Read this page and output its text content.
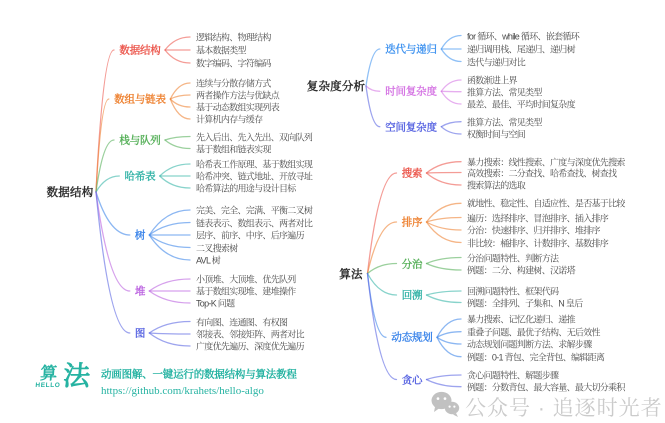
算
HELLO 法 动画图解、一键运行的数据结构与算法教程
https://github.com/krahets/hello-algo
公众号 · 追逐时光者
数据结构
数据结构
逻辑结构、物理结构
基本数据类型
数字编码、字符编码
数组与链表
连续与分散存储方式
两者操作方法与优缺点
基于动态数组实现列表
计算机内存与缓存
栈与队列	先入后出、先入先出、双向队列
基于数组和链表实现
哈希表
哈希表工作原理、基于数组实现
哈希冲突、链式地址、开放寻址
哈希算法的用途与设计目标
树
完美、完全、完满、平衡二叉树
链表表示、数组表示、两者对比
层序、前序、中序、后序遍历
二叉搜索树
AVL 树
堆
小顶堆、大顶堆、优先队列
基于数组实现堆、建堆操作
Top-K 问题
图
有向图、连通图、有权图
邻接表、邻接矩阵、两者对比
广度优先遍历、深度优先遍历
复杂度分析
迭代与递归
for 循环、while 循环、嵌套循环
递归调用栈、尾递归、递归树
迭代与递归对比
时间复杂度
函数渐进上界
推算方法、常见类型
最差、最佳、平均时间复杂度
空间复杂度	推算方法、常见类型
权衡时间与空间
算法
搜索
暴力搜索：线性搜索、广度与深度优先搜索
高效搜索：二分查找、哈希查找、树查找
搜索算法的选取
排序
就地性、稳定性、自适应性、是否基于比较
遍历：选择排序、冒泡排序、插入排序
分治：快速排序、归并排序、堆排序
非比较：桶排序、计数排序、基数排序
分治	分治问题特性、判断方法
例题：二分、构建树、汉诺塔
回溯	回溯问题特性、框架代码
例题：全排列、子集和、N 皇后
动态规划
暴力搜索、记忆化递归、递推
重叠子问题、最优子结构、无后效性
动态规划问题判断方法、求解步骤
例题：0-1 背包、完全背包、编辑距离
贪心	贪心问题特性、解题步骤
例题：分数背包、最大容量、最大切分乘积
